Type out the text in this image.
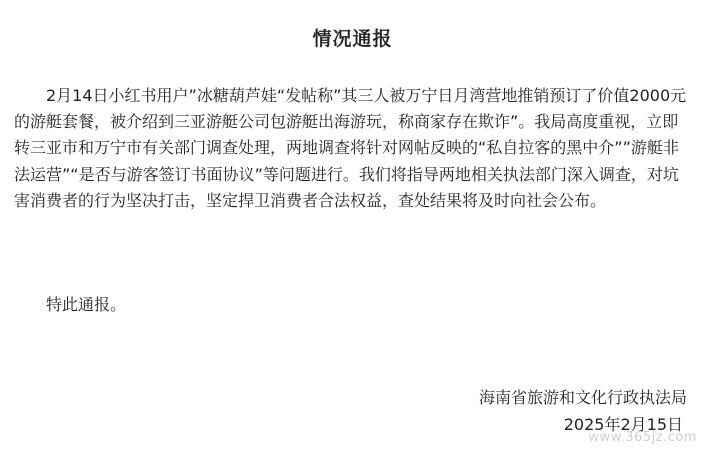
情况通报

2月14日小红书用户”冰糖葫芦娃“发帖称”其三人被万宁日月湾营地推销预订了价值2000元的游艇套餐，被介绍到三亚游艇公司包游艇出海游玩，称商家存在欺诈”。我局高度重视，立即转三亚市和万宁市有关部门调查处理，两地调查将针对网帖反映的“私自拉客的黑中介””游艇非法运营”“是否与游客签订书面协议”等问题进行。我们将指导两地相关执法部门深入调查，对坑害消费者的行为坚决打击，坚定捍卫消费者合法权益，查处结果将及时向社会公布。

特此通报。

海南省旅游和文化行政执法局
2025年2月15日
www.365jz.com
